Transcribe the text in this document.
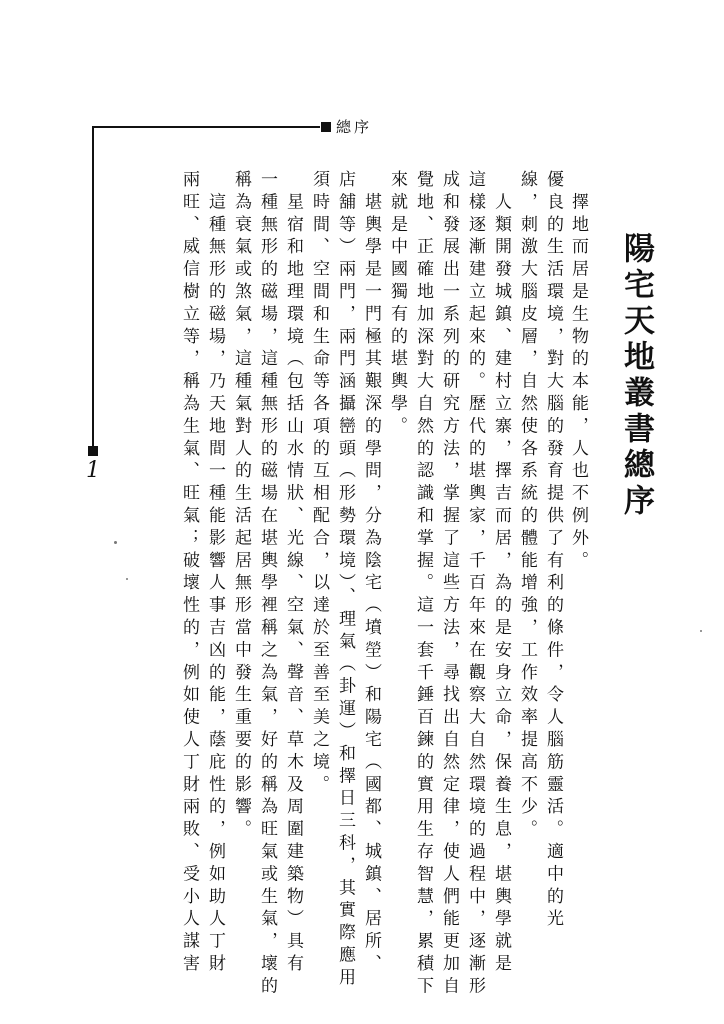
總序
1	陽宅天地叢書總序
　擇地而居是生物的本能，人也不例外。
優良的生活環境，對大腦的發育提供了有利的條件，令人腦筋靈活。適中的光
線，刺激大腦皮層，自然使各系統的體能增強，工作效率提高不少。
　人類開發城鎮、建村立寨，擇吉而居，為的是安身立命，保養生息，堪輿學就是
這樣逐漸建立起來的。歷代的堪輿家，千百年來在觀察大自然環境的過程中，逐漸形
成和發展出一系列的研究方法，掌握了這些方法，尋找出自然定律，使人們能更加自
覺地、正確地加深對大自然的認識和掌握。這一套千錘百鍊的實用生存智慧，累積下
來就是中國獨有的堪輿學。
　堪輿學是一門極其艱深的學問，分為陰宅（墳塋）和陽宅（國都、城鎮、居所、
店舖等）兩門，兩門涵攝巒頭（形勢環境）、理氣（卦運）和擇日三科，其實際應用
須時間、空間和生命等各項的互相配合，以達於至善至美之境。
　星宿和地理環境（包括山水情狀、光線、空氣、聲音、草木及周圍建築物）具有
一種無形的磁場，這種無形的磁場在堪輿學裡稱之為氣，好的稱為旺氣或生氣，壞的
稱為衰氣或煞氣，這種氣對人的生活起居無形當中發生重要的影響。
　這種無形的磁場，乃天地間一種能影響人事吉凶的能，蔭庇性的，例如助人丁財
兩旺、威信樹立等，稱為生氣、旺氣；破壞性的，例如使人丁財兩敗、受小人謀害
